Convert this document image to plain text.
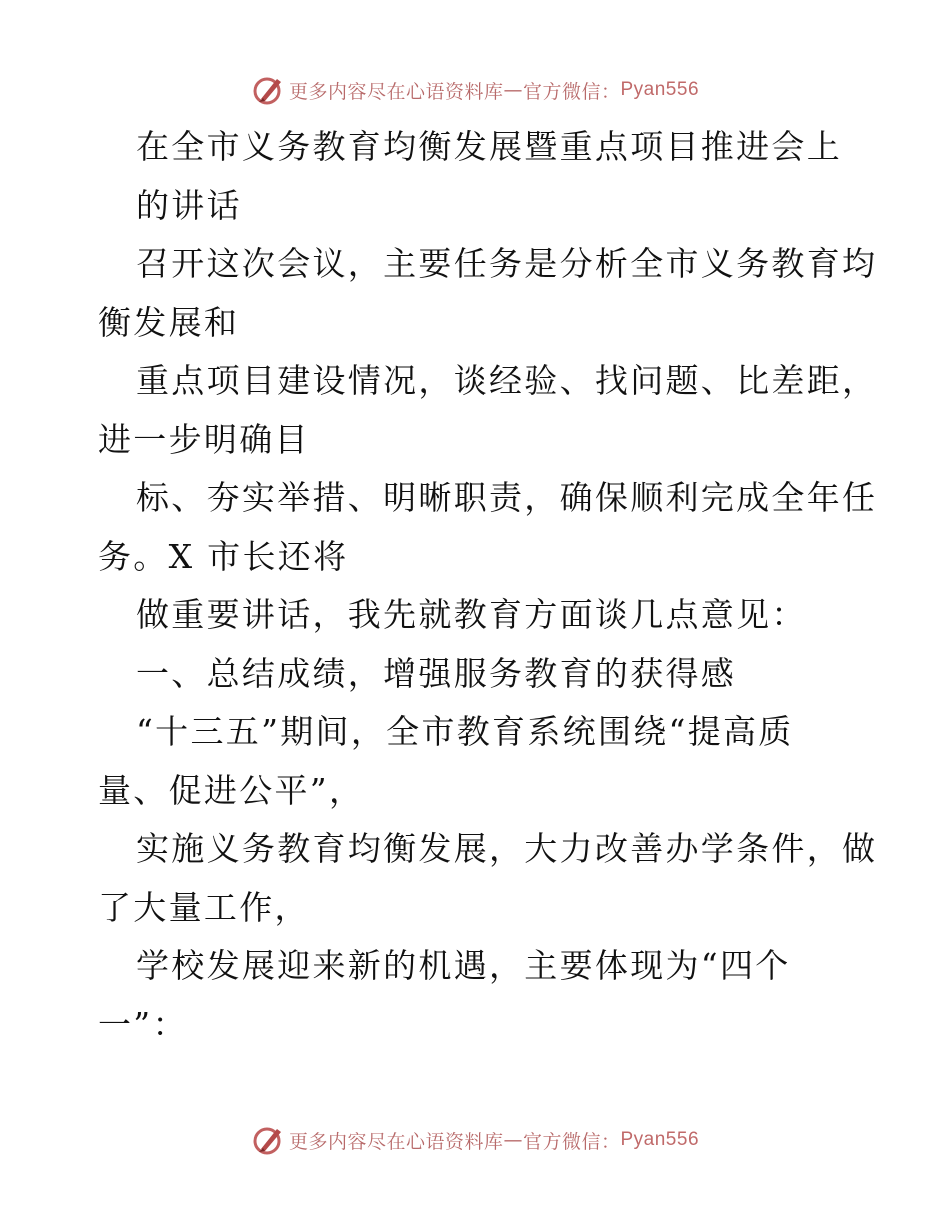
更多内容尽在心语资料库 — 官方微信： Pyan556
在全市义务教育均衡发展暨重点项目推进会上
的讲话
召开这次会议，主要任务是分析全市义务教育均
衡发展和
重点项目建设情况，谈经验、找问题、比差距，
进一步明确目
标、夯实举措、明晰职责，确保顺利完成全年任
务。X 市长还将
做重要讲话，我先就教育方面谈几点意见：
一、总结成绩，增强服务教育的获得感
“十三五”期间，全市教育系统围绕“提高质
量、促进公平”，
实施义务教育均衡发展，大力改善办学条件，做
了大量工作，
学校发展迎来新的机遇，主要体现为“四个
一”：
更多内容尽在心语资料库 — 官方微信： Pyan556
